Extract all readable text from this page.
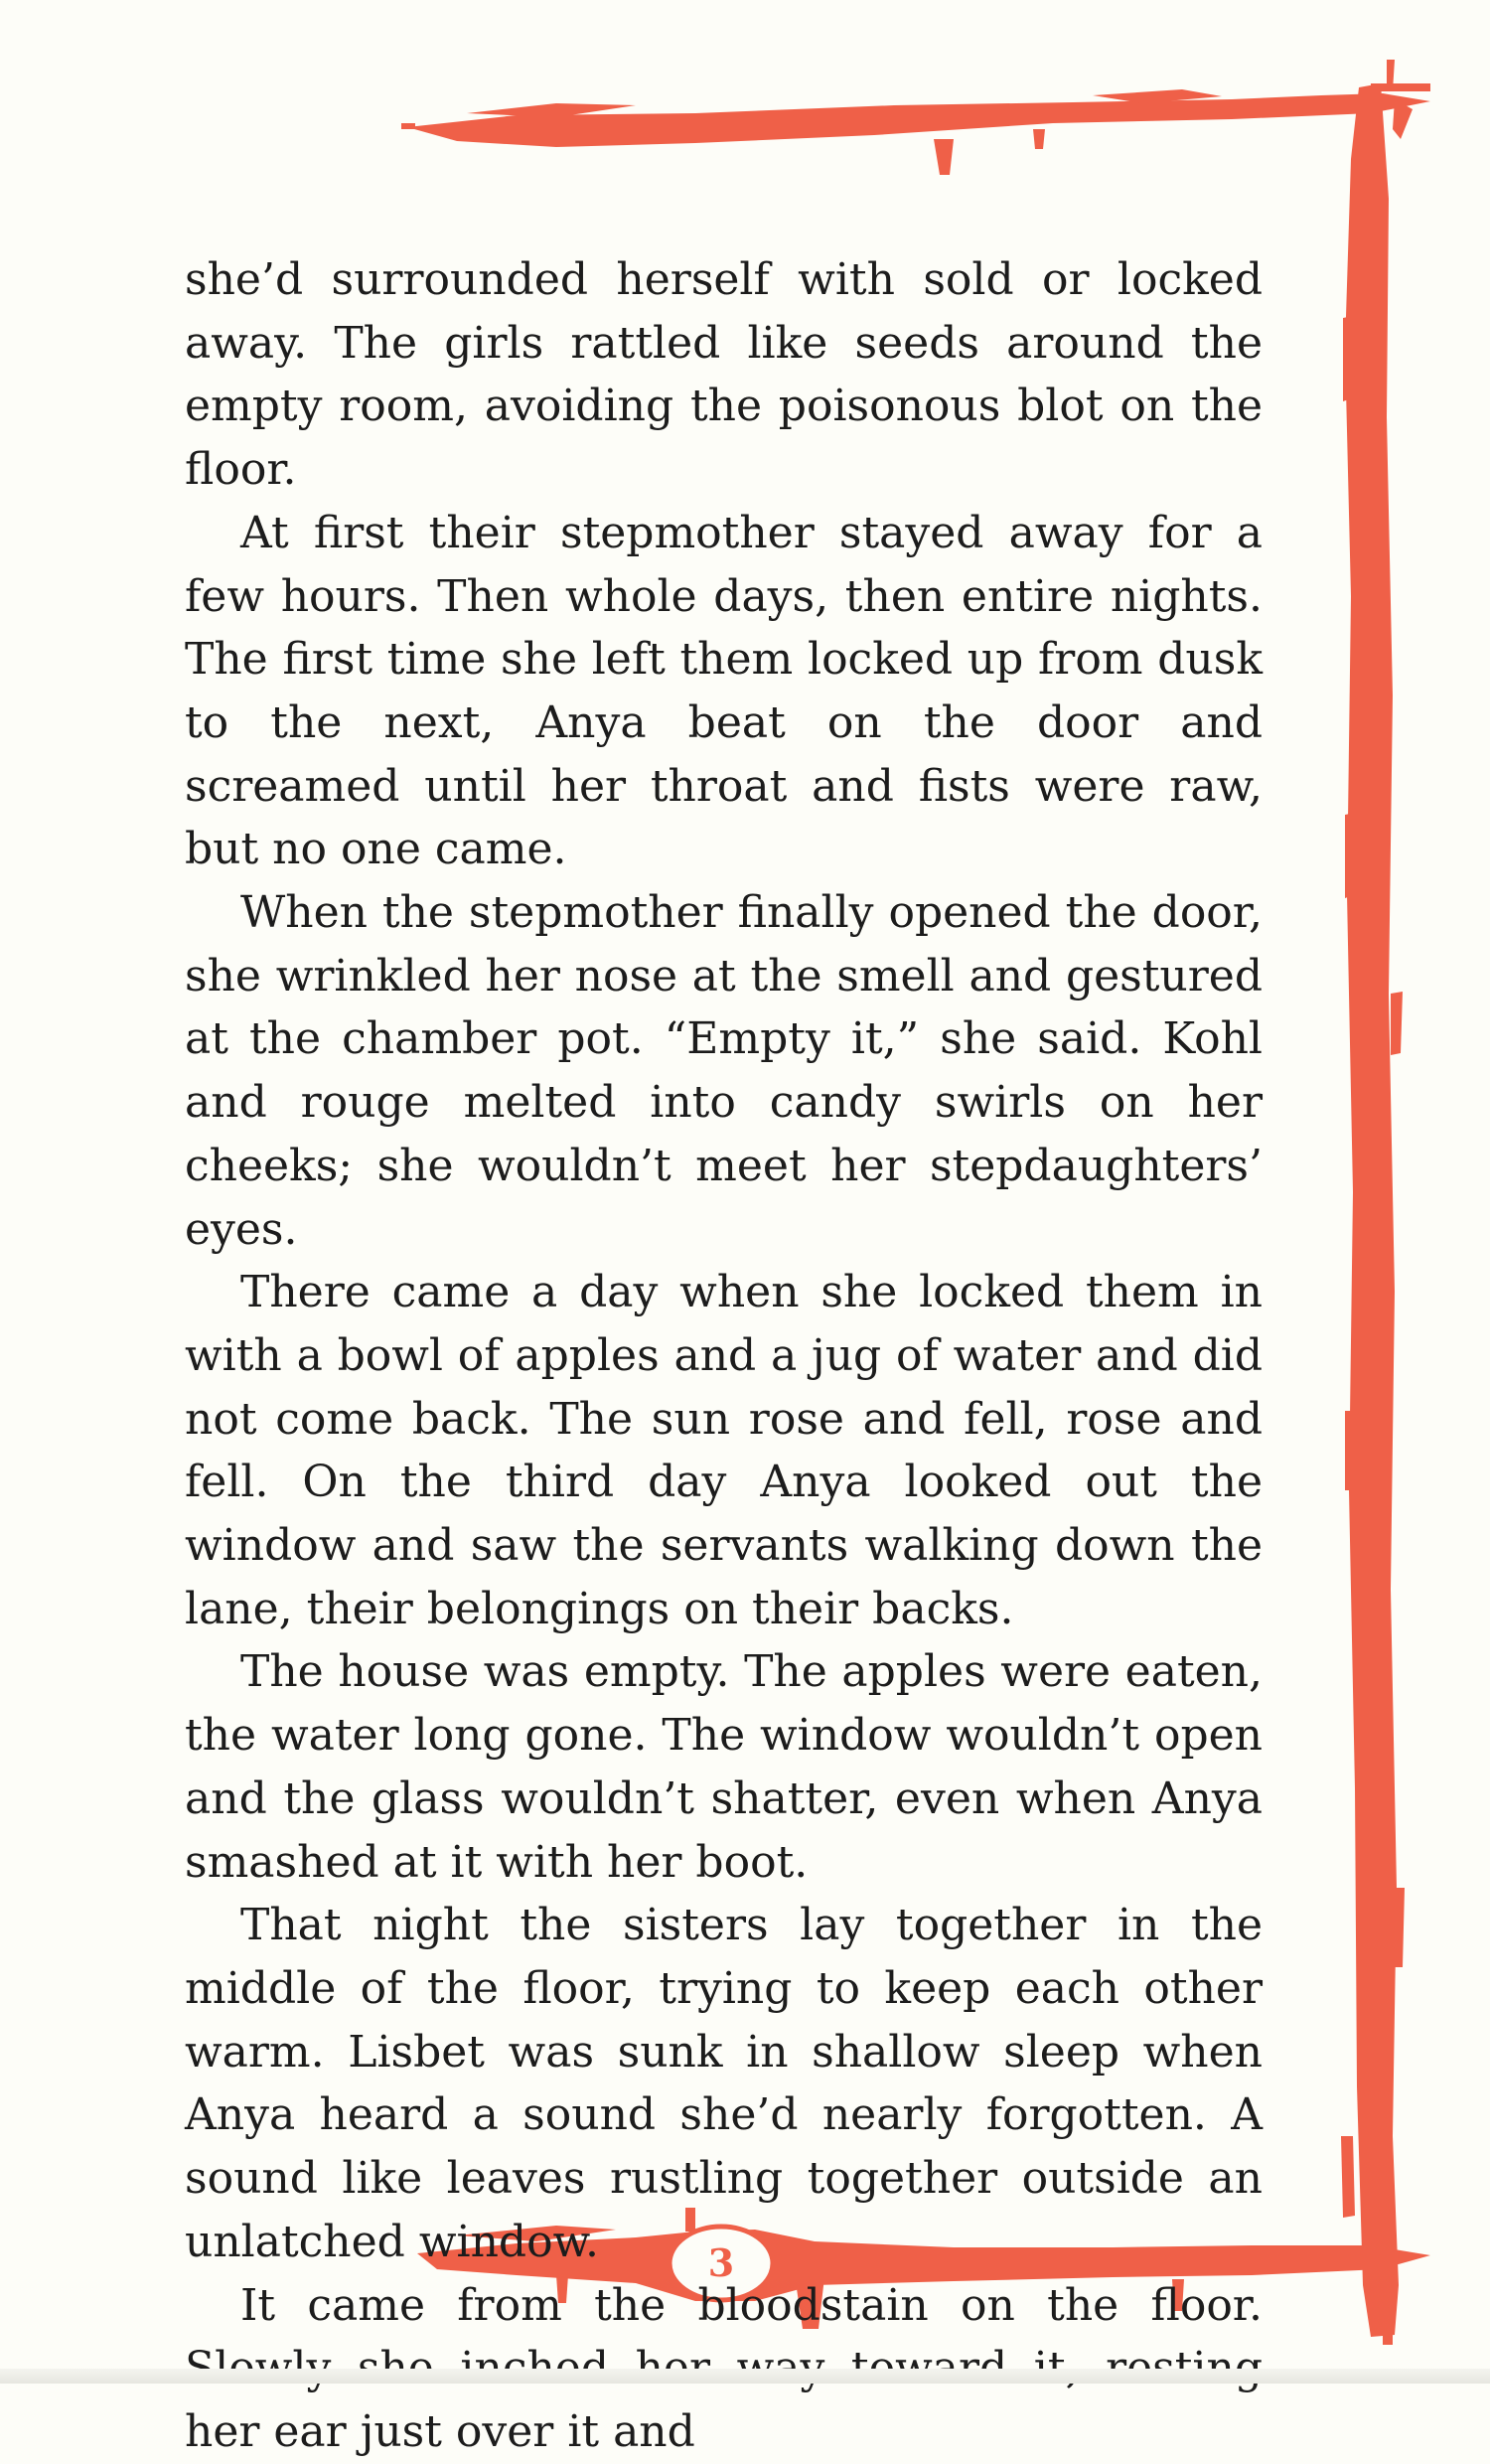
she’d surrounded herself with sold or locked away. The girls rattled like seeds around the empty room, avoiding the poisonous blot on the floor.

At first their stepmother stayed away for a few hours. Then whole days, then entire nights. The first time she left them locked up from dusk to the next, Anya beat on the door and screamed until her throat and fists were raw, but no one came.

When the stepmother finally opened the door, she wrinkled her nose at the smell and gestured at the chamber pot. “Empty it,” she said. Kohl and rouge melted into candy swirls on her cheeks; she wouldn’t meet her stepdaughters’ eyes.

There came a day when she locked them in with a bowl of apples and a jug of water and did not come back. The sun rose and fell, rose and fell. On the third day Anya looked out the window and saw the servants walking down the lane, their belongings on their backs.

The house was empty. The apples were eaten, the water long gone. The window wouldn’t open and the glass wouldn’t shatter, even when Anya smashed at it with her boot.

That night the sisters lay together in the middle of the floor, trying to keep each other warm. Lisbet was sunk in shallow sleep when Anya heard a sound she’d nearly forgotten. A sound like leaves rustling together outside an unlatched window.

It came from the bloodstain on the floor. her ear just over it and

3
